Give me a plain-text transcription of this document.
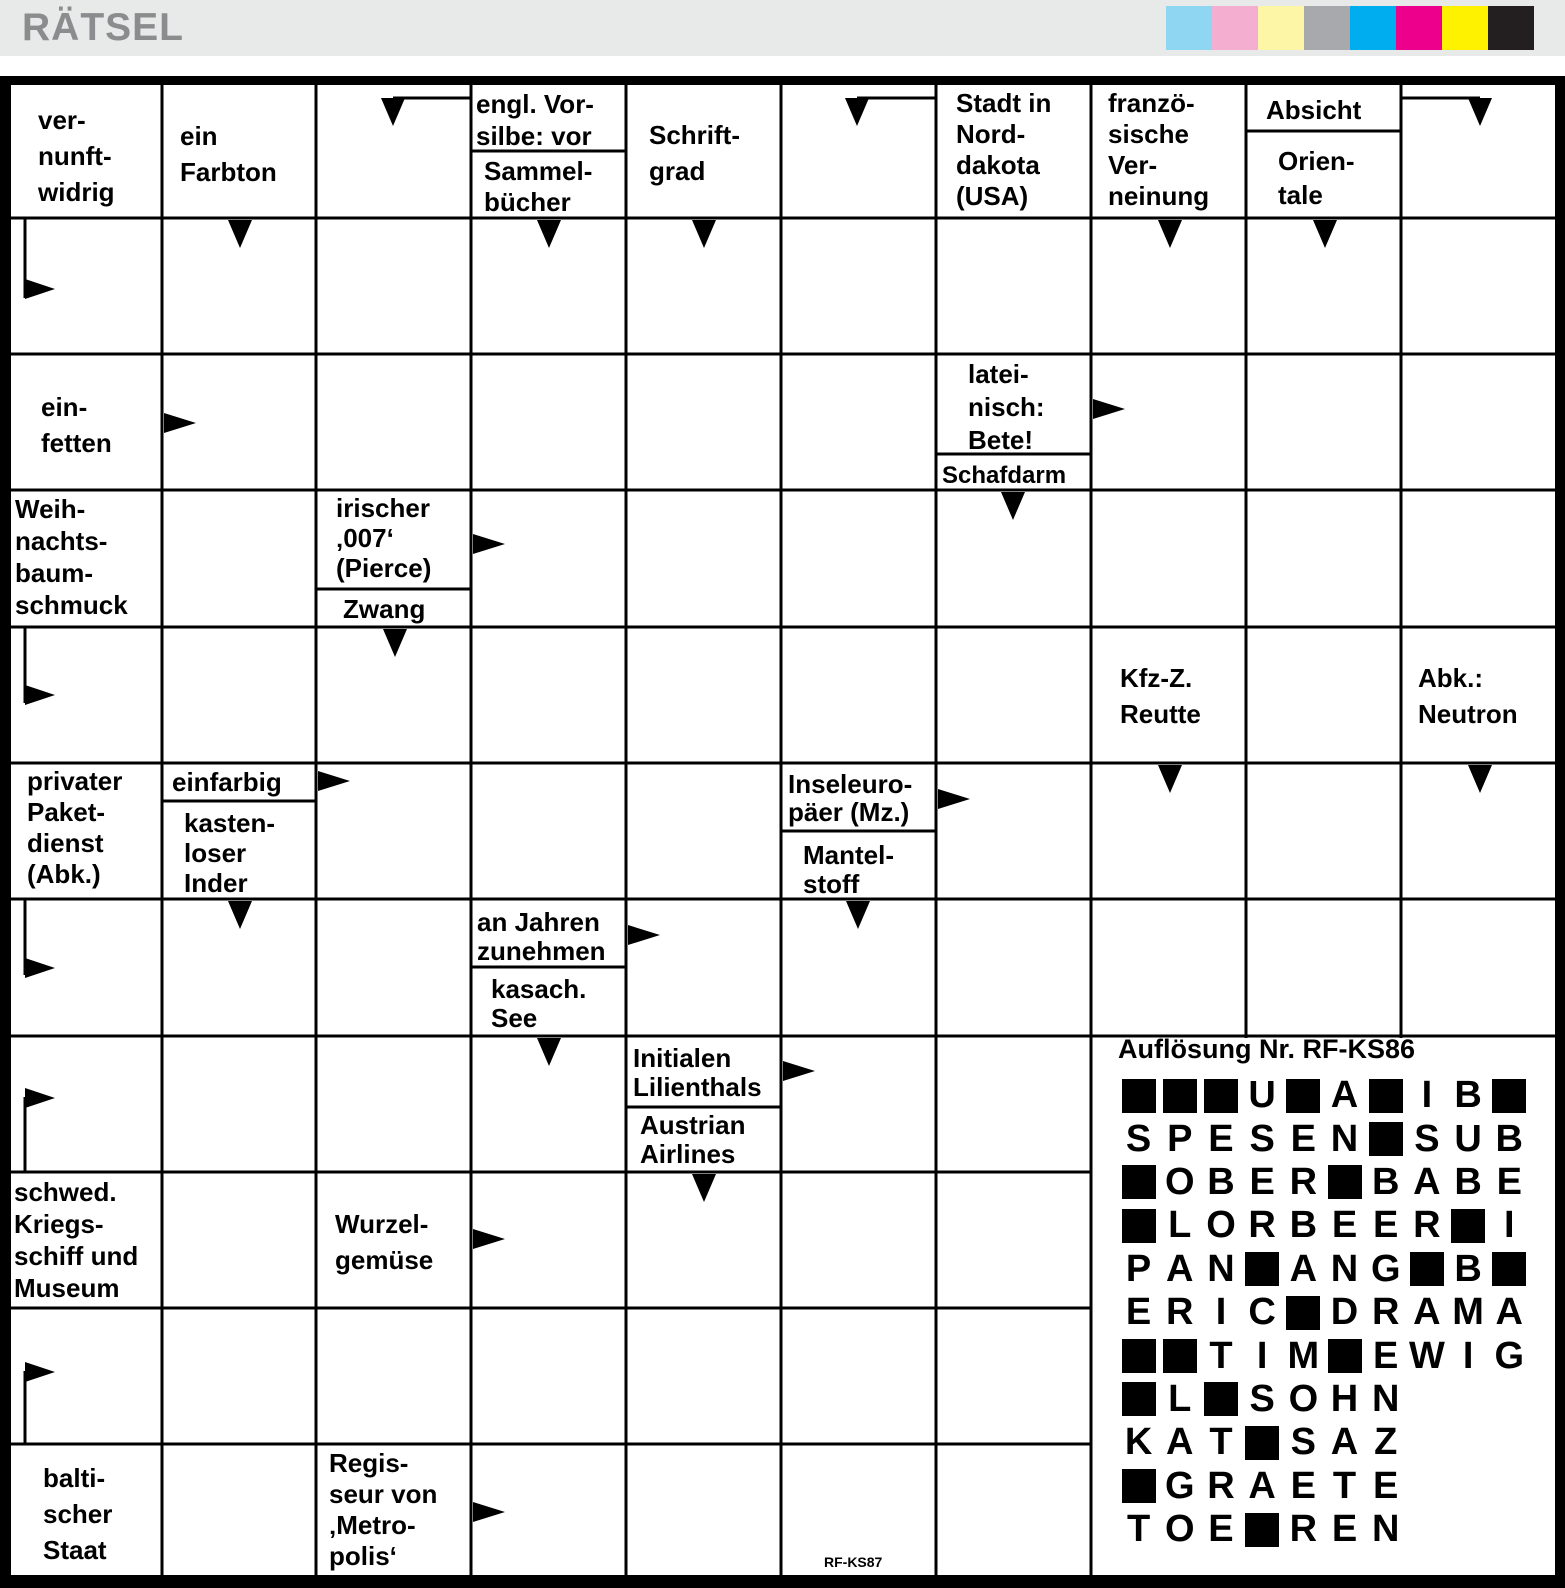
RÄTSEL
ver-
nunft-
widrig
ein
Farbton
engl. Vor-
silbe: vor
Sammel-
bücher
Schrift-
grad
Stadt in
Nord-
dakota
(USA)
franzö-
sische
Ver-
neinung
Absicht
Orien-
tale
ein-
fetten
latei-
nisch:
Bete!
Schafdarm
Weih-
nachts-
baum-
schmuck
irischer
‚007‘
(Pierce)
Zwang
Kfz-Z.
Reutte
Abk.:
Neutron
privater
Paket-
dienst
(Abk.)
einfarbig
kasten-
loser
Inder
Inseleuro-
päer (Mz.)
Mantel-
stoff
an Jahren
zunehmen
kasach.
See
Initialen
Lilienthals
Austrian
Airlines
schwed.
Kriegs-
schiff und
Museum
Wurzel-
gemüse
balti-
scher
Staat
Regis-
seur von
‚Metro-
polis‘
Auflösung Nr. RF-KS86
U A	I B
S P E S E N S U B
O B E R B A B E
L O R B E E R	I
P A N A N G B
E R I C D R A M A
T I M E W I G
L S O H N
K A T S A Z
G R A E T E
T O E R E N
RF-KS87
